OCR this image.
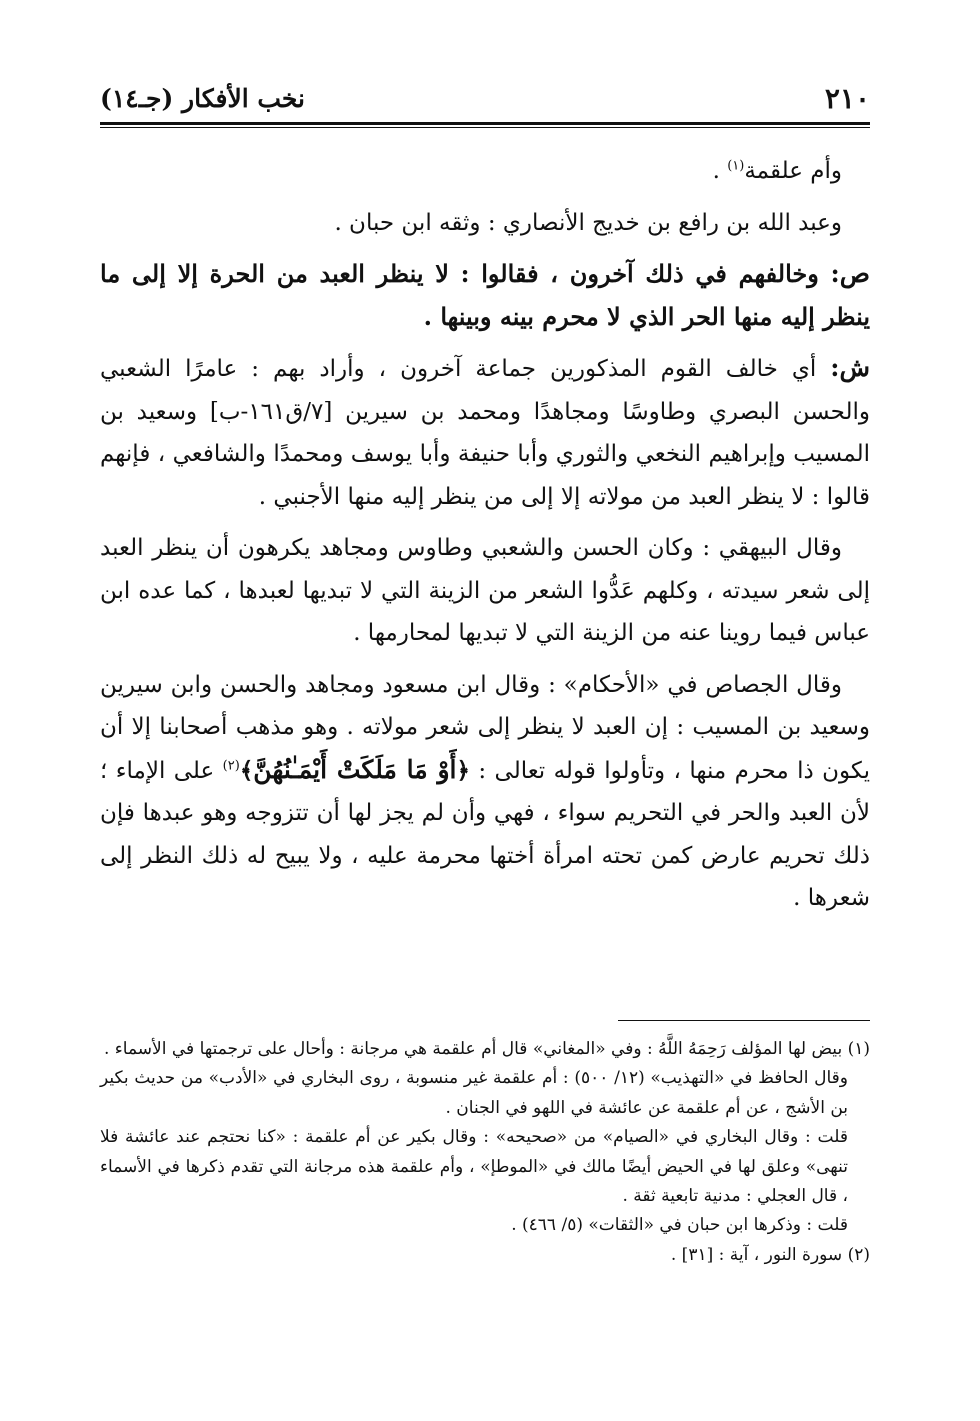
٢١٠
نخب الأفكار (جـ١٤)

وأم علقمة$^{(١)}$ .

وعبد الله بن رافع بن خديج الأنصاري : وثقه ابن حبان .

ص: وخالفهم في ذلك آخرون ، فقالوا : لا ينظر العبد من الحرة إلا إلى ما ينظر إليه منها الحر الذي لا محرم بينه وبينها .

ش: أي خالف القوم المذكورين جماعة آخرون ، وأراد بهم : عامرًا الشعبي والحسن البصري وطاوسًا ومجاهدًا ومحمد بن سيرين [٧/ق١٦١-ب] وسعيد بن المسيب وإبراهيم النخعي والثوري وأبا حنيفة وأبا يوسف ومحمدًا والشافعي ، فإنهم قالوا : لا ينظر العبد من مولاته إلا إلى من ينظر إليه منها الأجنبي .

وقال البيهقي : وكان الحسن والشعبي وطاوس ومجاهد يكرهون أن ينظر العبد إلى شعر سيدته ، وكلهم عَدُّوا الشعر من الزينة التي لا تبديها لعبدها ، كما عده ابن عباس فيما روينا عنه من الزينة التي لا تبديها لمحارمها .

وقال الجصاص في «الأحكام» : وقال ابن مسعود ومجاهد والحسن وابن سيرين وسعيد بن المسيب : إن العبد لا ينظر إلى شعر مولاته . وهو مذهب أصحابنا إلا أن يكون ذا محرم منها ، وتأولوا قوله تعالى : ﴿أَوْ مَا مَلَكَتْ أَيْمَـٰنُهُنَّ﴾$^{(٢)}$ على الإماء ؛ لأن العبد والحر في التحريم سواء ، فهي وأن لم يجز لها أن تتزوجه وهو عبدها فإن ذلك تحريم عارض كمن تحته امرأة أختها محرمة عليه ، ولا يبيح له ذلك النظر إلى شعرها .

(١) بيض لها المؤلف رَحِمَهُ اللَّهُ : وفي «المغاني» قال أم علقمة هي مرجانة : وأحال على ترجمتها في الأسماء .

وقال الحافظ في «التهذيب» (١٢/ ٥٠٠) : أم علقمة غير منسوبة ، روى البخاري في «الأدب» من حديث بكير بن الأشج ، عن أم علقمة عن عائشة في اللهو في الجنان .

قلت : وقال البخاري في «الصيام» من «صحيحه» : وقال بكير عن أم علقمة : «كنا نحتجم عند عائشة فلا تنهى» وعلق لها في الحيض أيضًا مالك في «الموطإ» ، وأم علقمة هذه مرجانة التي تقدم ذكرها في الأسماء ، قال العجلي : مدنية تابعية ثقة .

قلت : وذكرها ابن حبان في «الثقات» (٥/ ٤٦٦) .

(٢) سورة النور ، آية : [٣١] .
